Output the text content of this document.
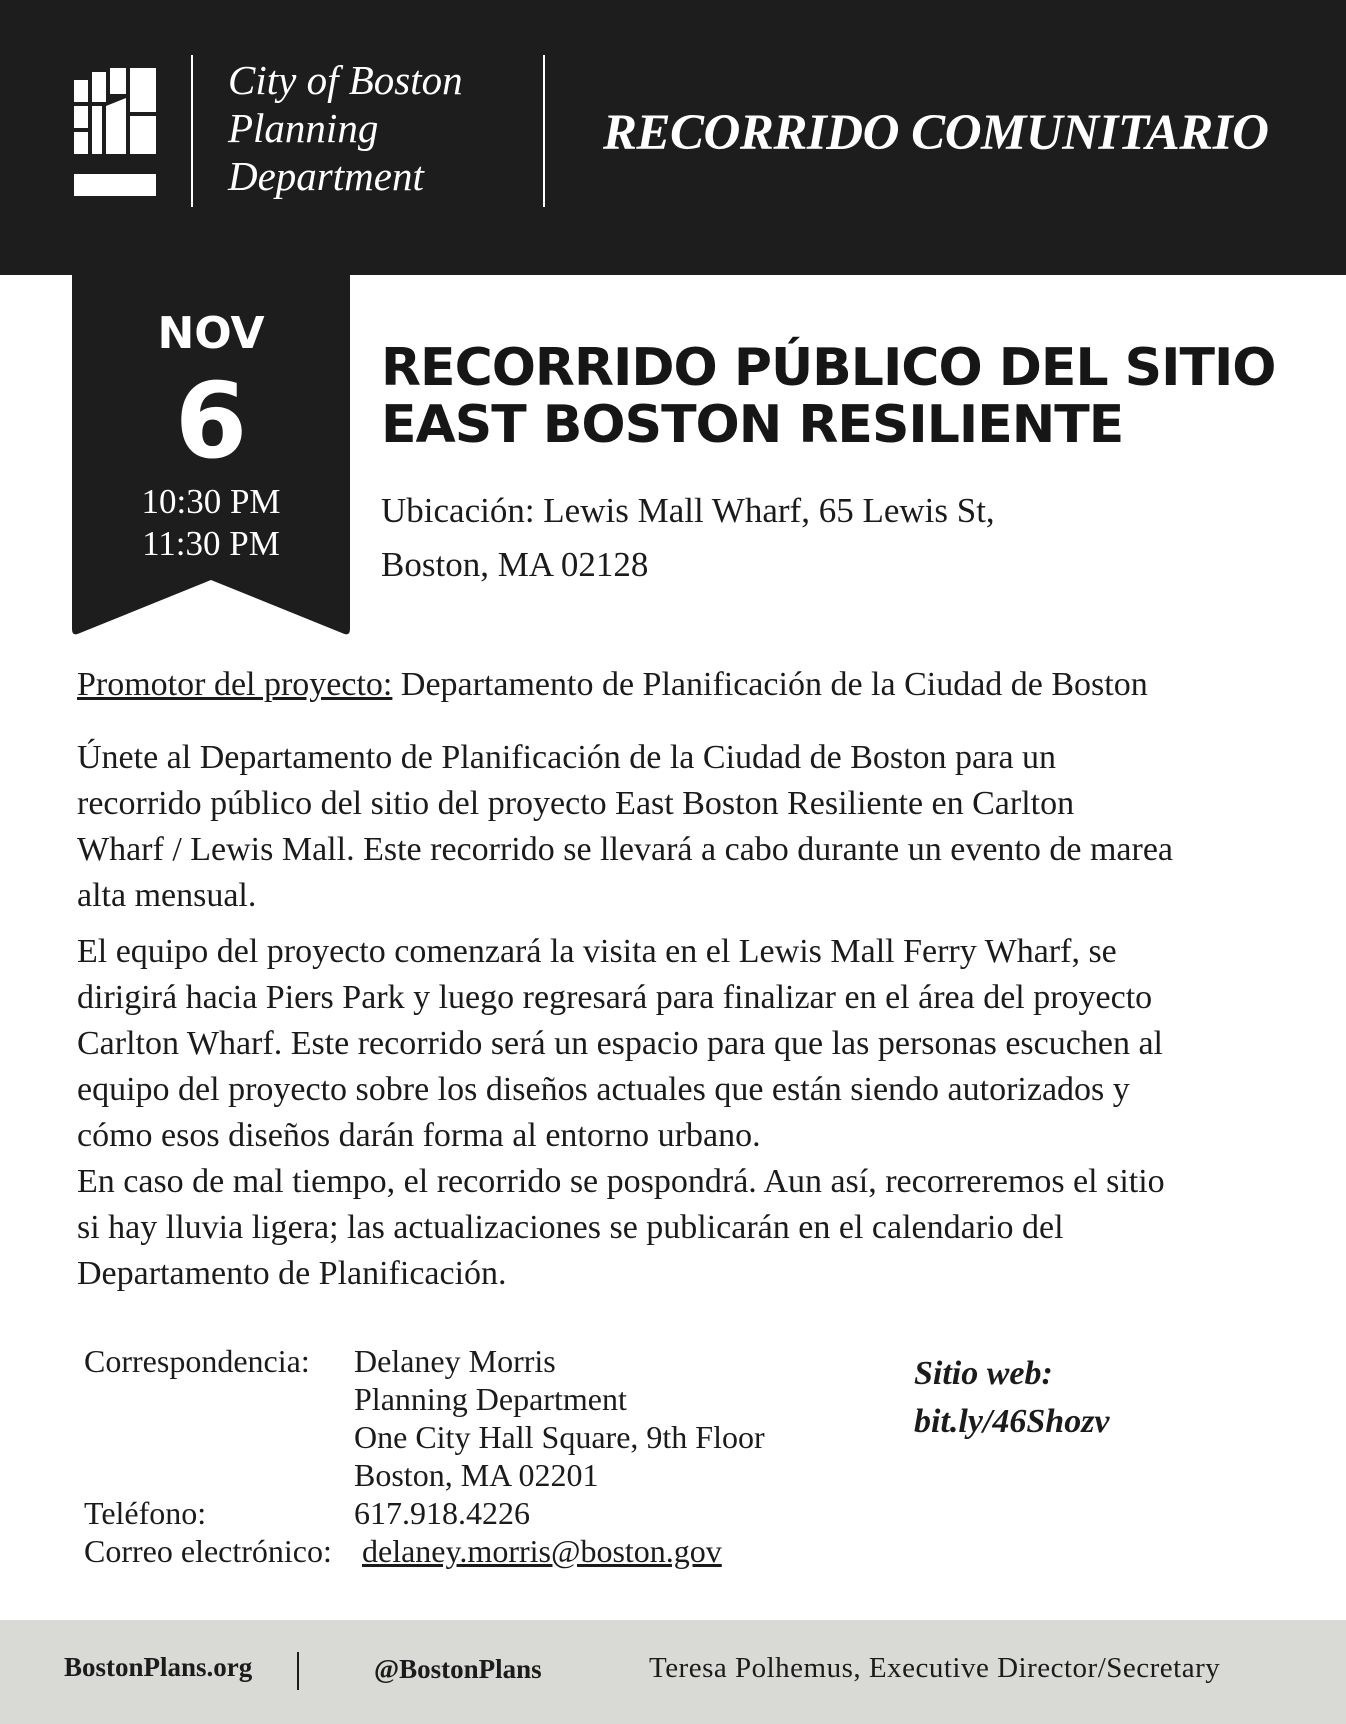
City of Boston
Planning
Department
RECORRIDO COMUNITARIO
NOV
6
10:30 PM
11:30 PM
RECORRIDO PÚBLICO DEL SITIO
EAST BOSTON RESILIENTE
Ubicación: Lewis Mall Wharf, 65 Lewis St,
Boston, MA 02128
Promotor del proyecto: Departamento de Planificación de la Ciudad de Boston
Únete al Departamento de Planificación de la Ciudad de Boston para un
recorrido público del sitio del proyecto East Boston Resiliente en Carlton
Wharf / Lewis Mall. Este recorrido se llevará a cabo durante un evento de marea
alta mensual.
El equipo del proyecto comenzará la visita en el Lewis Mall Ferry Wharf, se
dirigirá hacia Piers Park y luego regresará para finalizar en el área del proyecto
Carlton Wharf. Este recorrido será un espacio para que las personas escuchen al
equipo del proyecto sobre los diseños actuales que están siendo autorizados y
cómo esos diseños darán forma al entorno urbano.
En caso de mal tiempo, el recorrido se pospondrá. Aun así, recorreremos el sitio
si hay lluvia ligera; las actualizaciones se publicarán en el calendario del
Departamento de Planificación.
Correspondencia:	Delaney Morris
Planning Department
One City Hall Square, 9th Floor
Boston, MA 02201
Teléfono:	617.918.4226
Correo electrónico: delaney.morris@boston.gov
Sitio web:
bit.ly/46Shozv
BostonPlans.org	@BostonPlans	Teresa Polhemus, Executive Director/Secretary
